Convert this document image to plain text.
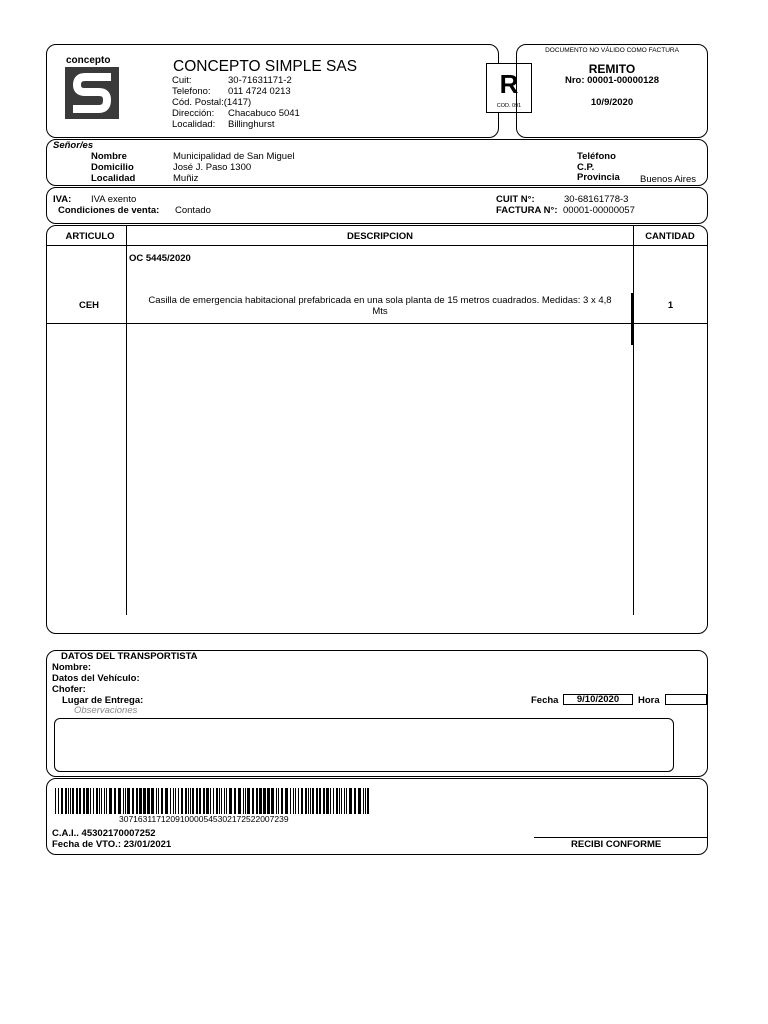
concepto	CONCEPTO SIMPLE SAS
Cuit:	30-71631171-2
Telefono: 011 4724 0213
Cód. Postal:(1417)
Dirección: Chacabuco 5041
Localidad: Billinghurst
R
COD. 091
DOCUMENTO NO VÁLIDO COMO FACTURA
REMITO
Nro: 00001-00000128
10/9/2020
Señor/es
Nombre	Municipalidad de San Miguel
Domicilio	José J. Paso 1300
Localidad	Muñiz
Teléfono
C.P.
Provincia Buenos Aires
IVA: IVA exento
Condiciones de venta: Contado
CUIT N°:	30-68161778-3
FACTURA N°: 00001-00000057
ARTICULO	DESCRIPCION	CANTIDAD
OC 5445/2020
CEH	Casilla de emergencia habitacional prefabricada en una sola planta de 15 metros cuadrados. Medidas: 3 x 4,8
Mts
1
DATOS DEL TRANSPORTISTA
Nombre:
Datos del Vehículo:
Chofer:
Lugar de Entrega:	Fecha	9/10/2020	Hora
Observaciones
30716311712091000054530217252200723​9
C.A.I.. 45302170007252
Fecha de VTO.: 23/01/2021	RECIBI CONFORME
